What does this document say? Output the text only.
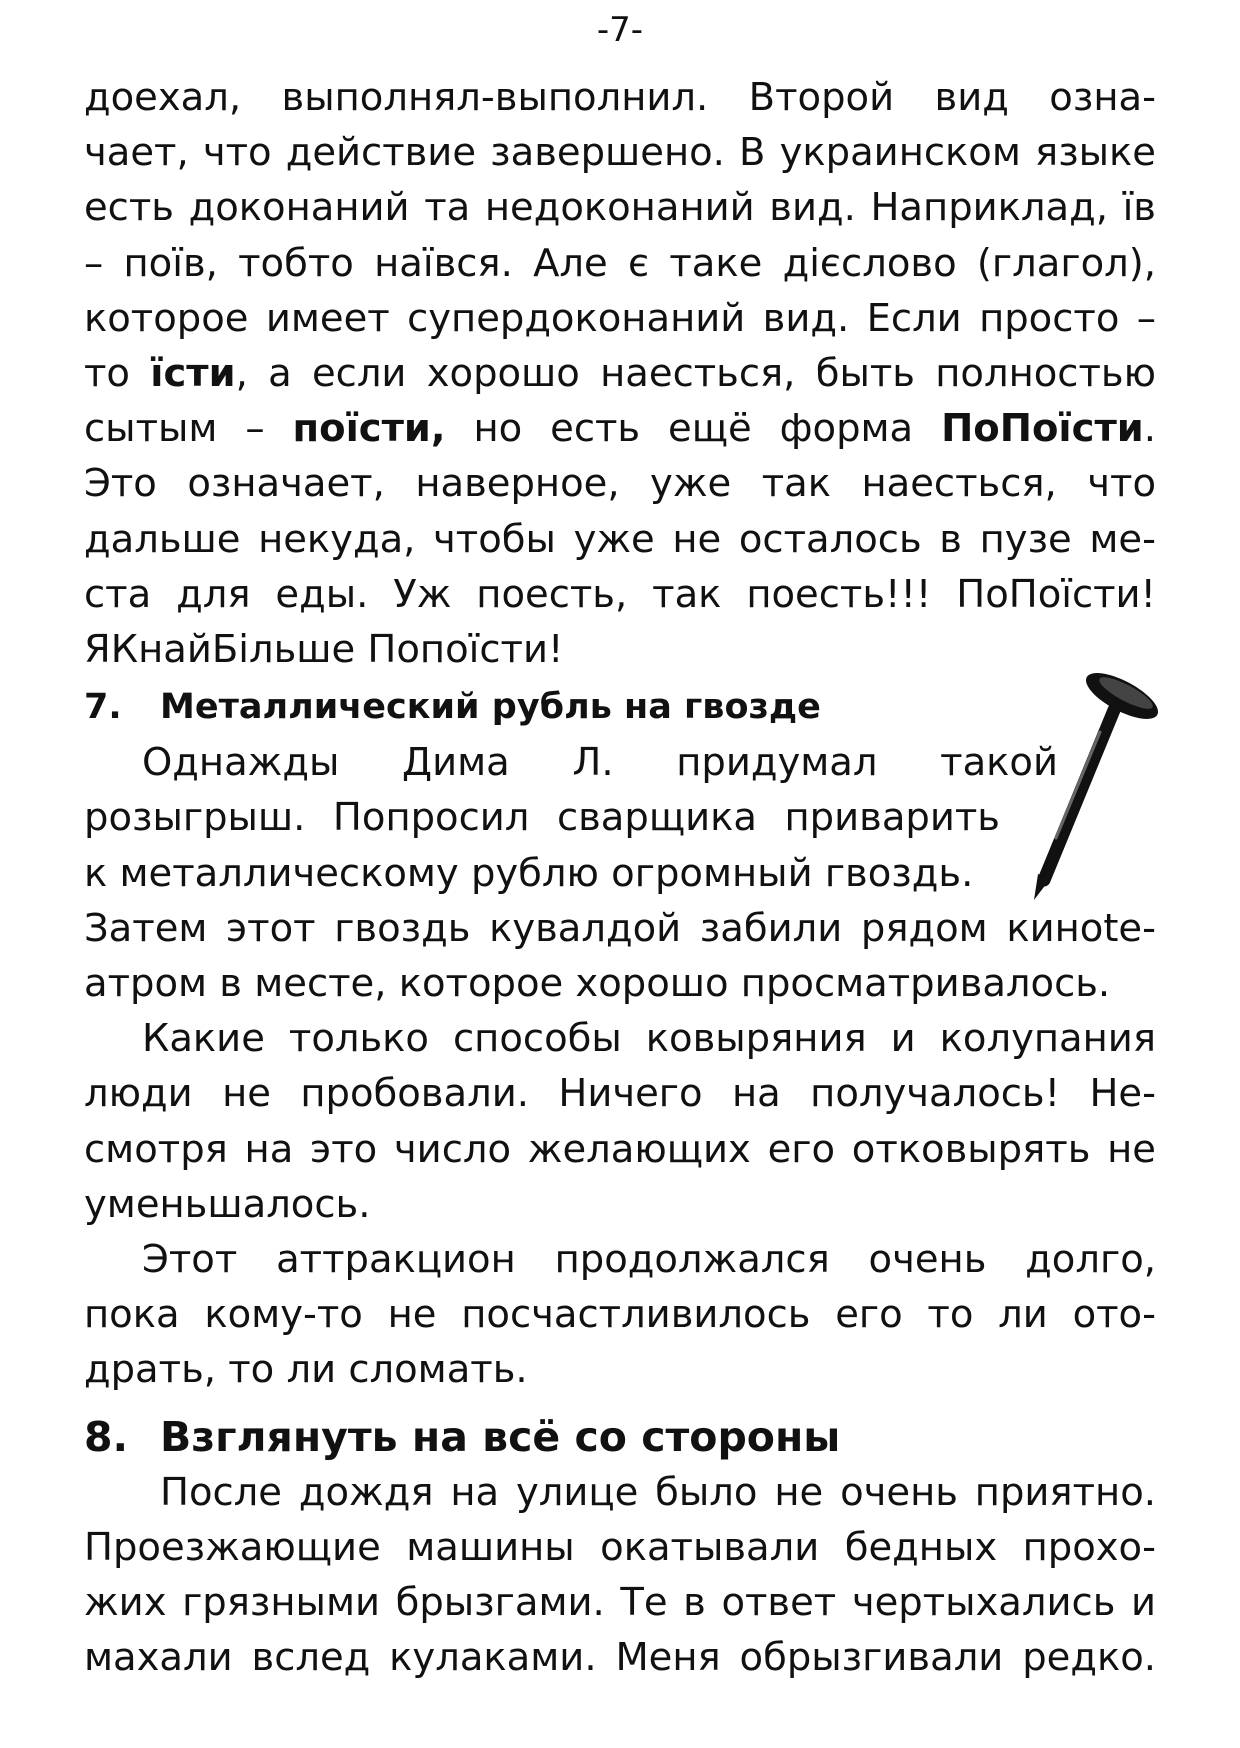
-7-
доехал, выполнял-выполнил. Второй вид озна-
чает, что действие завершено. В украинском языке
есть доконаний та недоконаний вид. Наприклад, їв
– поїв, тобто наївся. Але є таке дієслово (глагол),
которое имеет супердоконаний вид. Если просто –
то їсти, а если хорошо наесться, быть полностью
сытым – поїсти, но есть ещё форма ПоПоїсти.
Это означает, наверное, уже так наесться, что
дальше некуда, чтобы уже не осталось в пузе ме-
ста для еды. Уж поесть, так поесть!!! ПоПоїсти!
ЯКнайБільше Попоїсти!
7. Металлический рубль на гвозде
Однажды Дима Л. придумал такой
розыгрыш. Попросил сварщика приварить
к металлическому рублю огромный гвоздь.
Затем этот гвоздь кувалдой забили рядом кинote-
атром в месте, которое хорошо просматривалось.
Какие только способы ковыряния и колупания
люди не пробовали. Ничего на получалось! Не-
смотря на это число желающих его отковырять не
уменьшалось.
Этот аттракцион продолжался очень долго,
пока кому-то не посчастливилось его то ли ото-
драть, то ли сломать.
8. Взглянуть на всё со стороны
После дождя на улице было не очень приятно.
Проезжающие машины окатывали бедных прохо-
жих грязными брызгами. Те в ответ чертыхались и
махали вслед кулаками. Меня обрызгивали редко.
